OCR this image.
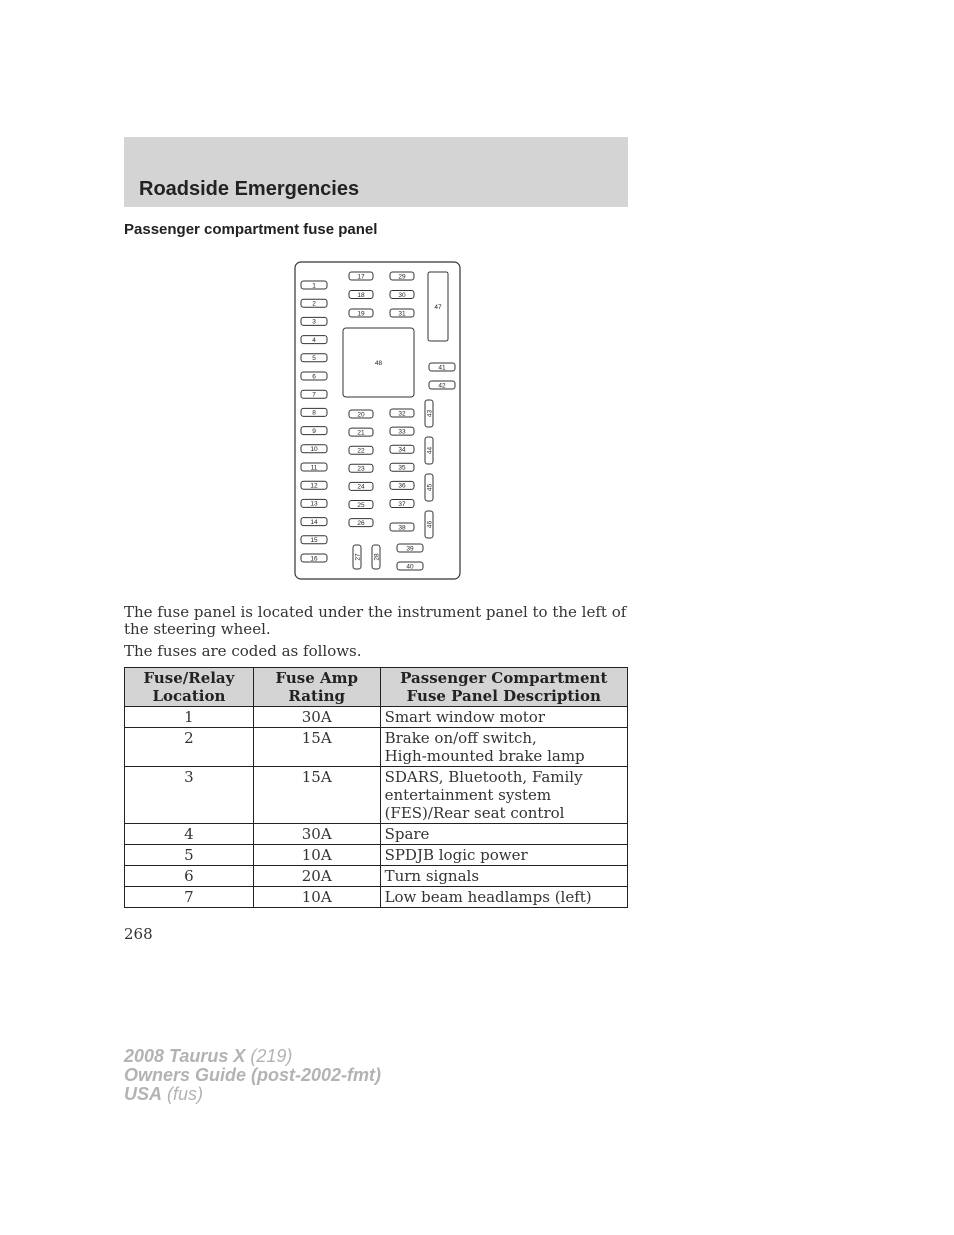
Roadside Emergencies
Passenger compartment fuse panel
1
2
3
4
5
6
7
8
9
10
11
12
13
14
15
16
17
18
19
29
30
31
48
20
21
22
23
24
25
26
32
33
34
35
36
37
38
27 28
39
40
47
41
42
43
44
45
46
The fuse panel is located under the instrument panel to the left of the steering wheel.
The fuses are coded as follows.
Fuse/Relay Location	Fuse Amp Rating	Passenger Compartment Fuse Panel Description
1	30A	Smart window motor
2	15A	Brake on/off switch,
High-mounted brake lamp
3	15A	SDARS, Bluetooth, Family entertainment system (FES)/Rear seat control
4	30A	Spare
5	10A	SPDJB logic power
6	20A	Turn signals
7	10A	Low beam headlamps (left)
268
2008 Taurus X (219)
Owners Guide (post-2002-fmt)
USA (fus)
